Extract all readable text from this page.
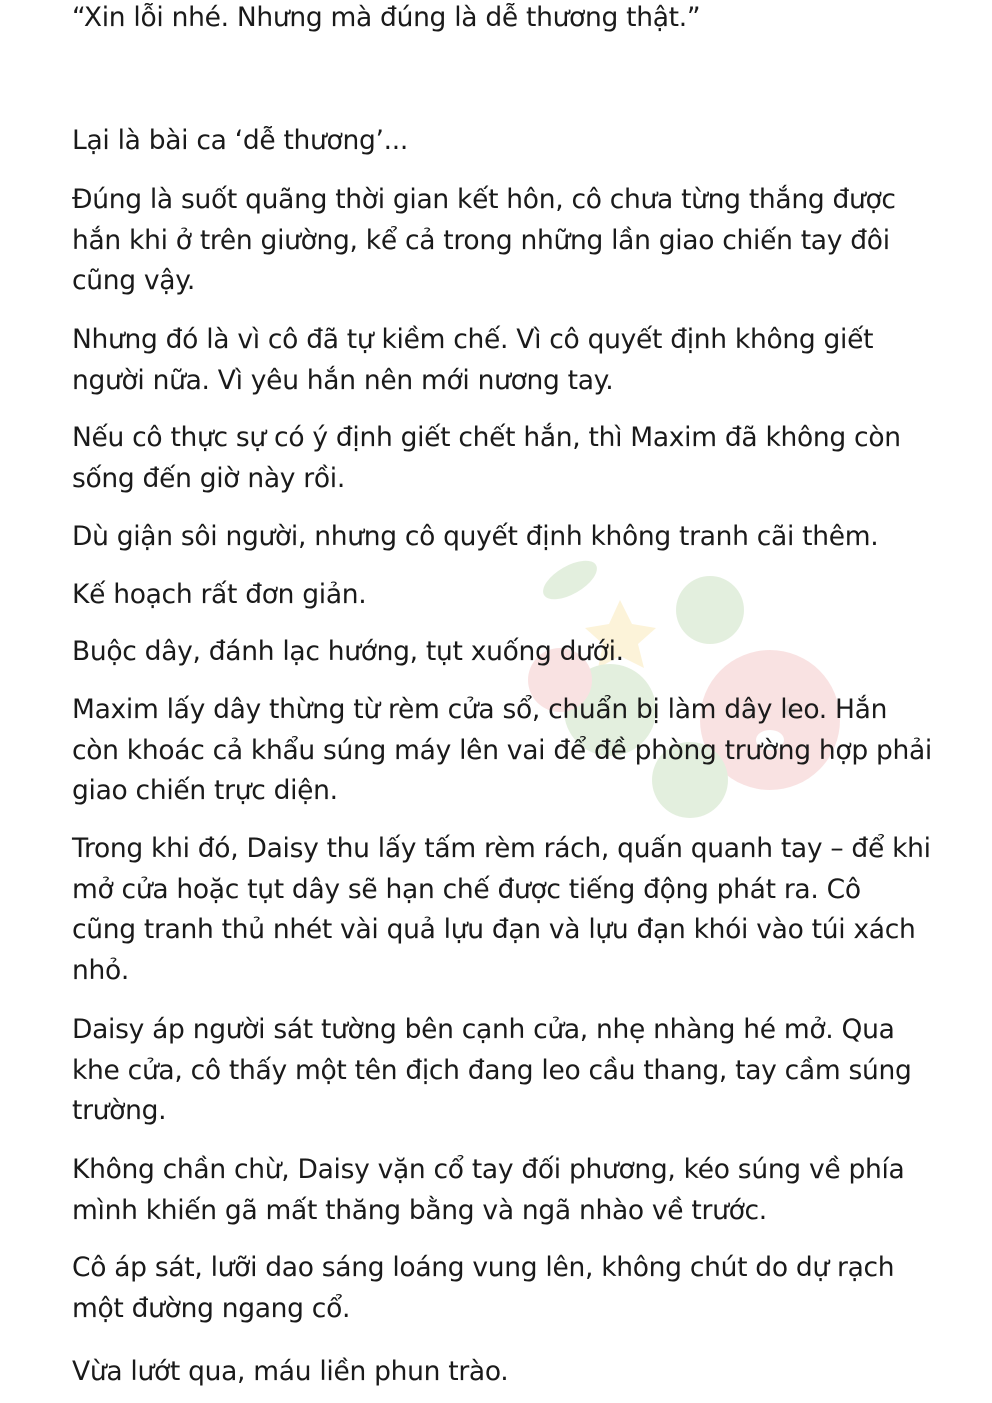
“Xin lỗi nhé. Nhưng mà đúng là dễ thương thật.”

Lại là bài ca ‘dễ thương’...

Đúng là suốt quãng thời gian kết hôn, cô chưa từng thắng được hắn khi ở trên giường, kể cả trong những lần giao chiến tay đôi cũng vậy.

Nhưng đó là vì cô đã tự kiềm chế. Vì cô quyết định không giết người nữa. Vì yêu hắn nên mới nương tay.

Nếu cô thực sự có ý định giết chết hắn, thì Maxim đã không còn sống đến giờ này rồi.

Dù giận sôi người, nhưng cô quyết định không tranh cãi thêm.

Kế hoạch rất đơn giản.

Buộc dây, đánh lạc hướng, tụt xuống dưới.

Maxim lấy dây thừng từ rèm cửa sổ, chuẩn bị làm dây leo. Hắn còn khoác cả khẩu súng máy lên vai để đề phòng trường hợp phải giao chiến trực diện.

Trong khi đó, Daisy thu lấy tấm rèm rách, quấn quanh tay – để khi mở cửa hoặc tụt dây sẽ hạn chế được tiếng động phát ra. Cô cũng tranh thủ nhét vài quả lựu đạn và lựu đạn khói vào túi xách nhỏ.

Daisy áp người sát tường bên cạnh cửa, nhẹ nhàng hé mở. Qua khe cửa, cô thấy một tên địch đang leo cầu thang, tay cầm súng trường.

Không chần chừ, Daisy vặn cổ tay đối phương, kéo súng về phía mình khiến gã mất thăng bằng và ngã nhào về trước.

Cô áp sát, lưỡi dao sáng loáng vung lên, không chút do dự rạch một đường ngang cổ.

Vừa lướt qua, máu liền phun trào.
